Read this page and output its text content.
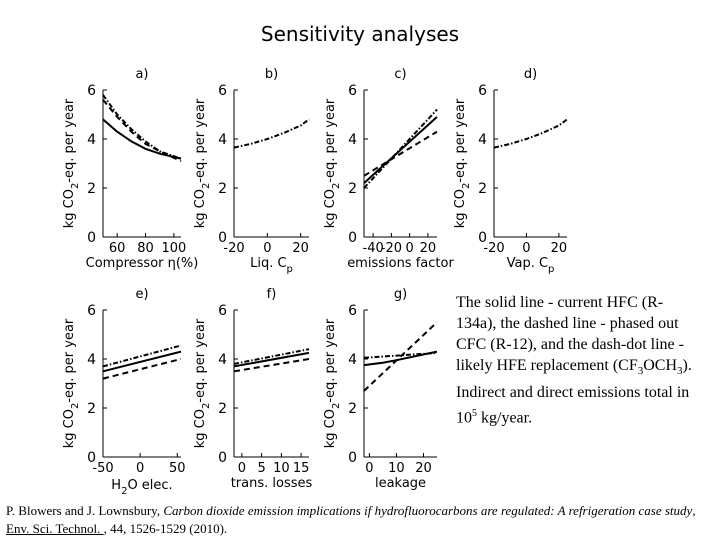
Sensitivity analyses
0
2
4
6
60 80 100
a)
Compressor η(%)
kg $CO_2-eq$. per year
0
2
4
6
-20 0 20
b)
Liq. $C_p$
kg $CO_2-eq$. per year
0
2
4
6
-40
-20 0 20
c)
emissions factor
kg $CO_2-eq$. per year
0
2
4
6
-20 0 20
d)
Vap. $C_p$
kg $CO_2-eq$. per year
0
2
4
6
-50 0 50
e)
$H_2O$ elec.
kg $CO_2-eq$. per year
0
2
4
6
0 5 10 15
f)
trans. losses
kg $CO_2-eq$. per year
0
2
4
6
0 10 20
g)
leakage
kg $CO_2-eq$. per year
The solid line - current HFC (R-134a), the dashed line - phased out CFC (R-12), and the dash-dot line - likely HFE replacement $(CF_3OCH_3)$. Indirect and direct emissions total in $10^5$ kg/year.
P. Blowers and J. Lownsbury, Carbon dioxide emission implications if hydrofluorocarbons are regulated: A refrigeration case study, Env. Sci. Technol. , 44, 1526-1529 (2010).
